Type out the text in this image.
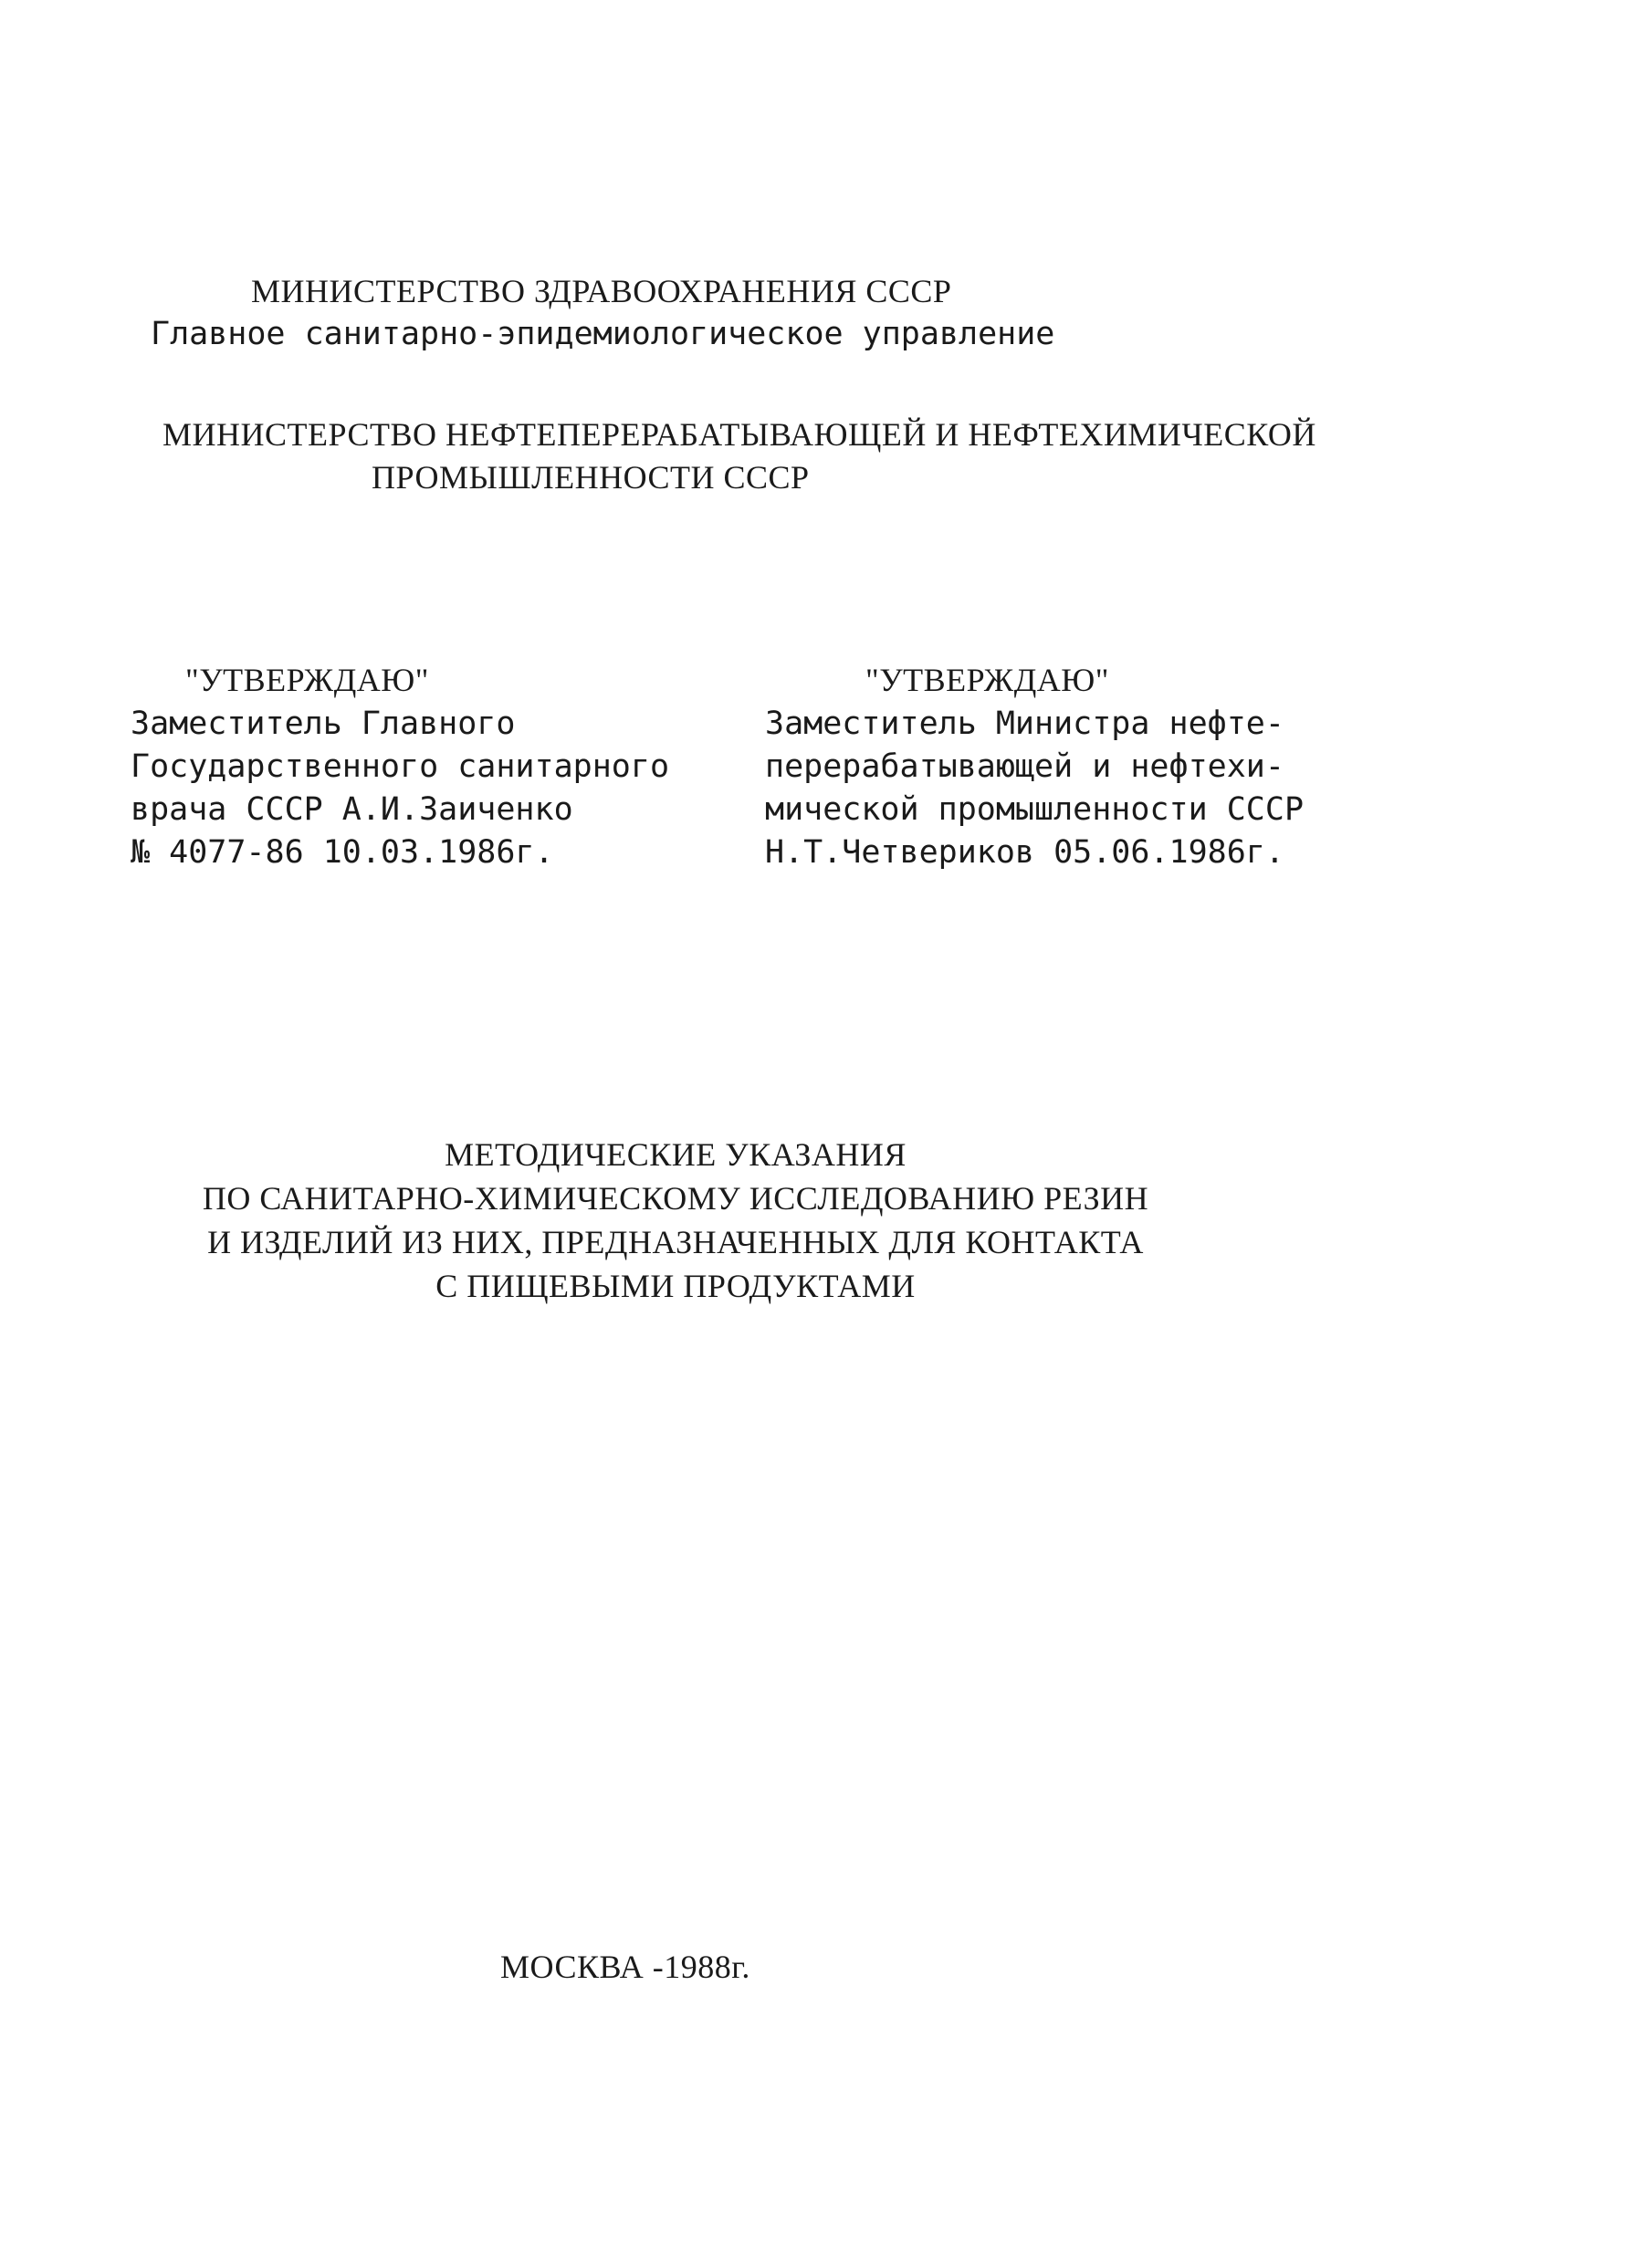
МИНИСТЕРСТВО ЗДРАВООХРАНЕНИЯ СССР
Главное санитарно-эпидемиологическое управление
МИНИСТЕРСТВО НЕФТЕПЕРЕРАБАТЫВАЮЩЕЙ И НЕФТЕХИМИЧЕСКОЙ
ПРОМЫШЛЕННОСТИ СССР
"УТВЕРЖДАЮ"
Заместитель Главного
Государственного санитарного
врача СССР А.И.Заиченко
№ 4077-86 10.03.1986г.
"УТВЕРЖДАЮ"
Заместитель Министра нефте-
перерабатывающей и нефтехи-
мической промышленности СССР
Н.Т.Четвериков 05.06.1986г.
МЕТОДИЧЕСКИЕ УКАЗАНИЯ
ПО САНИТАРНО-ХИМИЧЕСКОМУ ИССЛЕДОВАНИЮ РЕЗИН
И ИЗДЕЛИЙ ИЗ НИХ, ПРЕДНАЗНАЧЕННЫХ ДЛЯ КОНТАКТА
С ПИЩЕВЫМИ ПРОДУКТАМИ
МОСКВА -1988г.
